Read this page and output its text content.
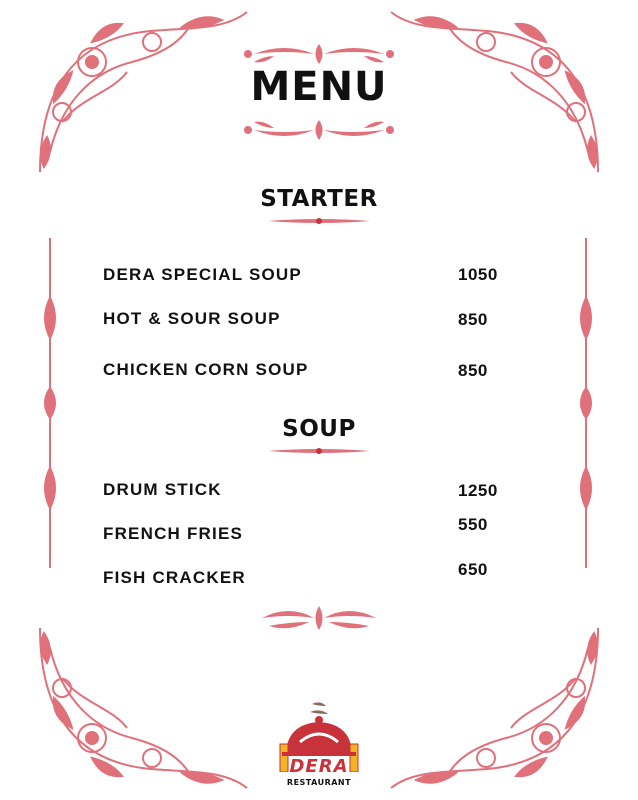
MENU
STARTER
DERA SPECIAL SOUP	1050
HOT & SOUR SOUP	850
CHICKEN CORN SOUP	850
SOUP
DRUM STICK	1250
FRENCH FRIES	550
FISH CRACKER	650
DERA
RESTAURANT
